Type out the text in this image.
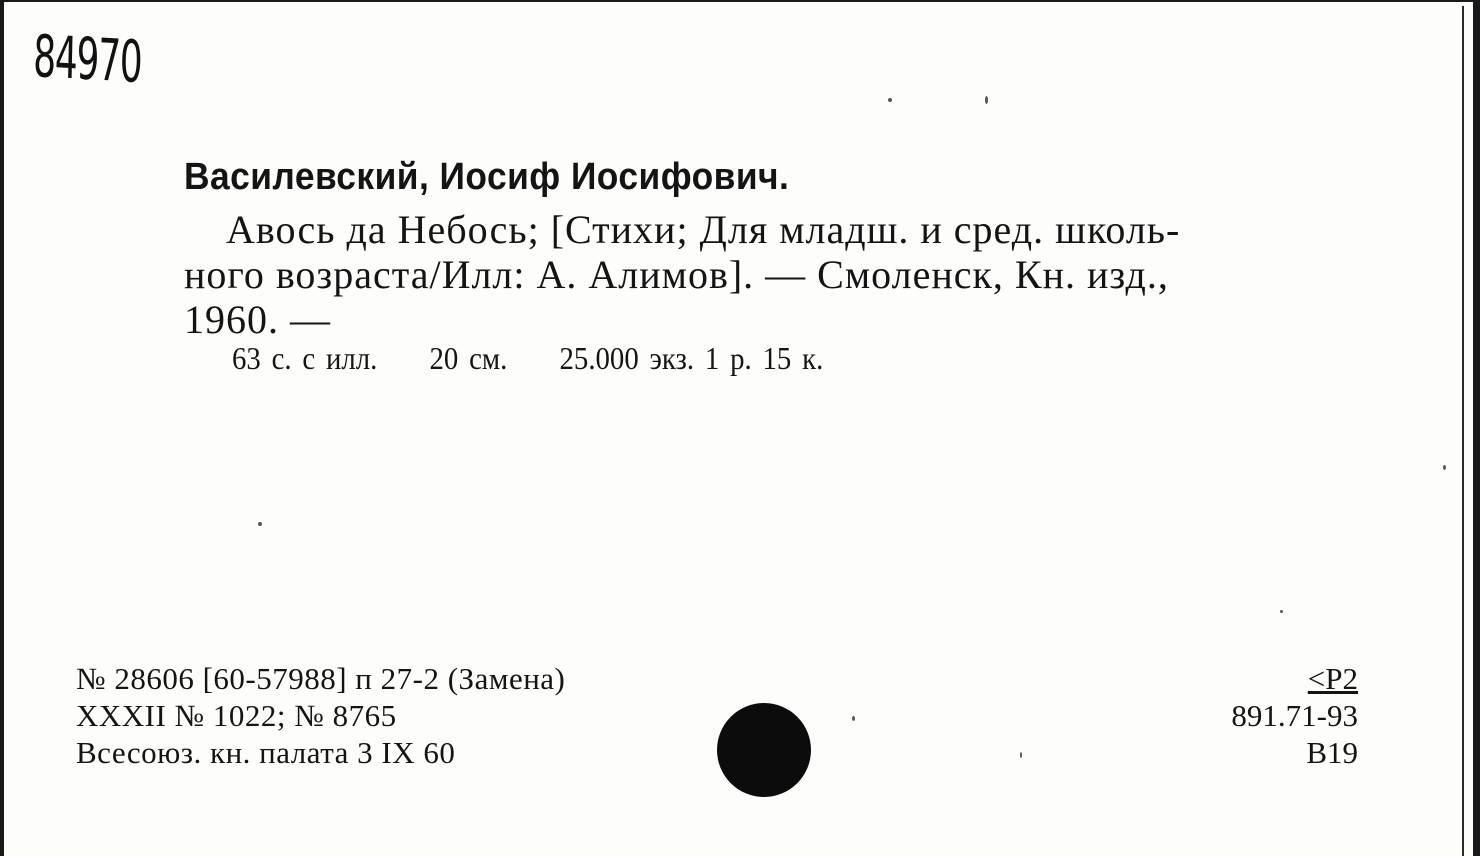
84970
Василевский, Иосиф Иосифович.
Авось да Небось; [Стихи; Для младш. и сред. школь-
ного возраста/Илл: А. Алимов]. — Смоленск, Кн. изд.,
1960. —
63 с. с илл. 20 см. 25.000 экз. 1 р. 15 к.
№ 28606 [60-57988] п 27-2 (Замена)
XXXII № 1022; № 8765
Всесоюз. кн. палата 3 IX 60
<P2
891.71-93
B19
